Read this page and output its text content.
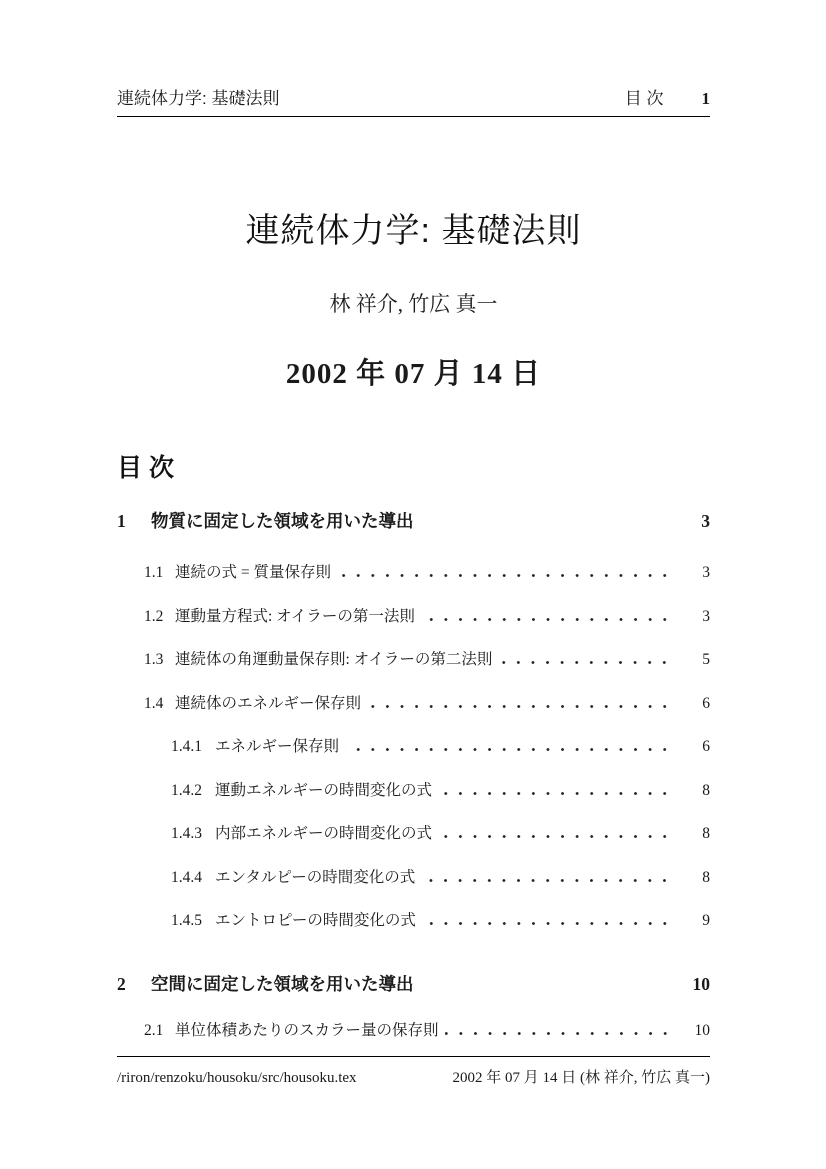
連続体力学: 基礎法則	目 次 1
連続体力学: 基礎法則
林 祥介, 竹広 真一
2002 年 07 月 14 日
目 次
1	物質に固定した領域を用いた導出	3
1.1 連続の式 = 質量保存則	3
1.2 運動量方程式: オイラーの第一法則	3
1.3 連続体の角運動量保存則: オイラーの第二法則	5
1.4 連続体のエネルギー保存則	6
1.4.1 エネルギー保存則	6
1.4.2 運動エネルギーの時間変化の式	8
1.4.3 内部エネルギーの時間変化の式	8
1.4.4 エンタルピーの時間変化の式	8
1.4.5 エントロピーの時間変化の式	9
2	空間に固定した領域を用いた導出	10
2.1 単位体積あたりのスカラー量の保存則	10
/riron/renzoku/housoku/src/housoku.tex	2002 年 07 月 14 日 (林 祥介, 竹広 真一)
